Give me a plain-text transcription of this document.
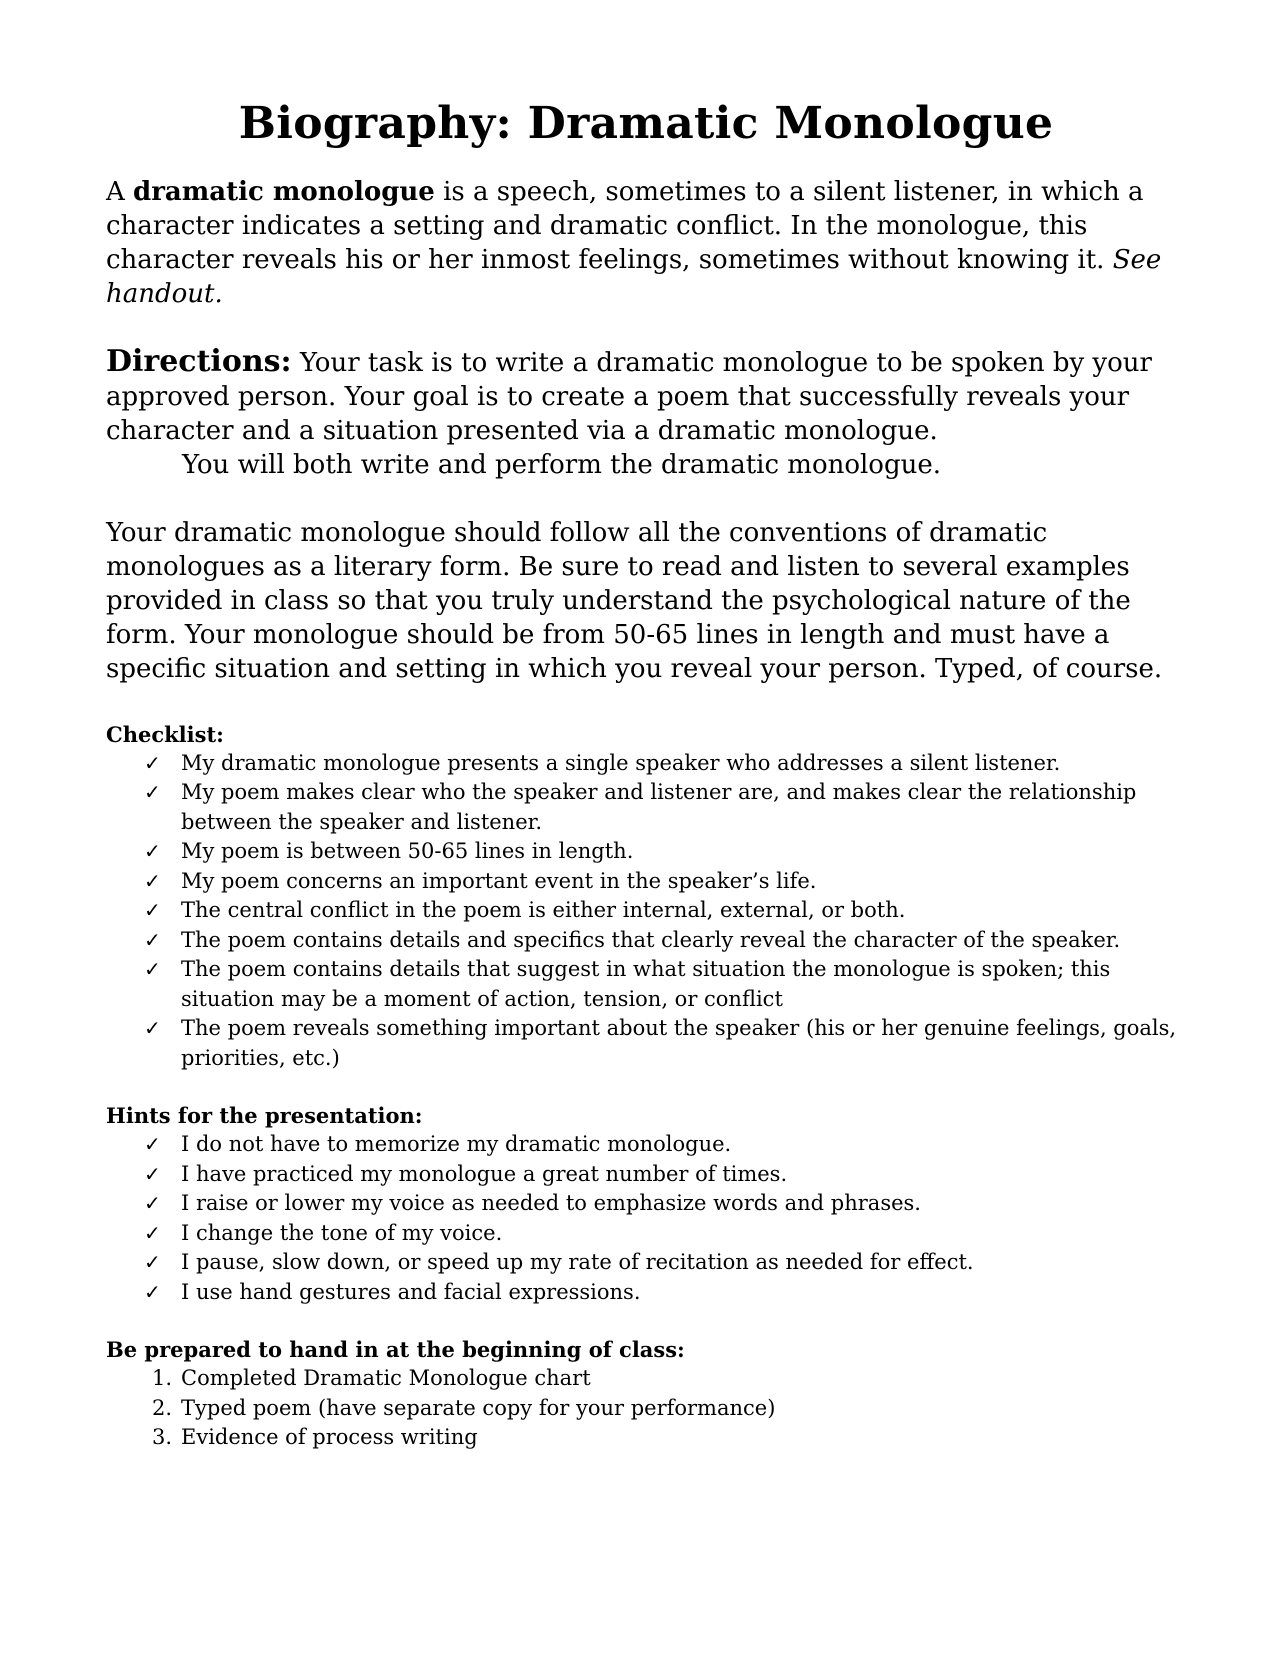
Biography: Dramatic Monologue

A dramatic monologue is a speech, sometimes to a silent listener, in which a character indicates a setting and dramatic conflict. In the monologue, this character reveals his or her inmost feelings, sometimes without knowing it. See handout.

Directions: Your task is to write a dramatic monologue to be spoken by your approved person. Your goal is to create a poem that successfully reveals your character and a situation presented via a dramatic monologue.

You will both write and perform the dramatic monologue.

Your dramatic monologue should follow all the conventions of dramatic monologues as a literary form. Be sure to read and listen to several examples provided in class so that you truly understand the psychological nature of the form. Your monologue should be from 50-65 lines in length and must have a specific situation and setting in which you reveal your person. Typed, of course.

Checklist:

✓ My dramatic monologue presents a single speaker who addresses a silent listener.
✓ My poem makes clear who the speaker and listener are, and makes clear the relationship between the speaker and listener.
✓ My poem is between 50-65 lines in length.
✓ My poem concerns an important event in the speaker’s life.
✓ The central conflict in the poem is either internal, external, or both.
✓ The poem contains details and specifics that clearly reveal the character of the speaker.
✓ The poem contains details that suggest in what situation the monologue is spoken; this situation may be a moment of action, tension, or conflict
✓ The poem reveals something important about the speaker (his or her genuine feelings, goals, priorities, etc.)

Hints for the presentation:

✓ I do not have to memorize my dramatic monologue.
✓ I have practiced my monologue a great number of times.
✓ I raise or lower my voice as needed to emphasize words and phrases.
✓ I change the tone of my voice.
✓ I pause, slow down, or speed up my rate of recitation as needed for effect.
✓ I use hand gestures and facial expressions.

Be prepared to hand in at the beginning of class:

1. Completed Dramatic Monologue chart
2. Typed poem (have separate copy for your performance)
3. Evidence of process writing
